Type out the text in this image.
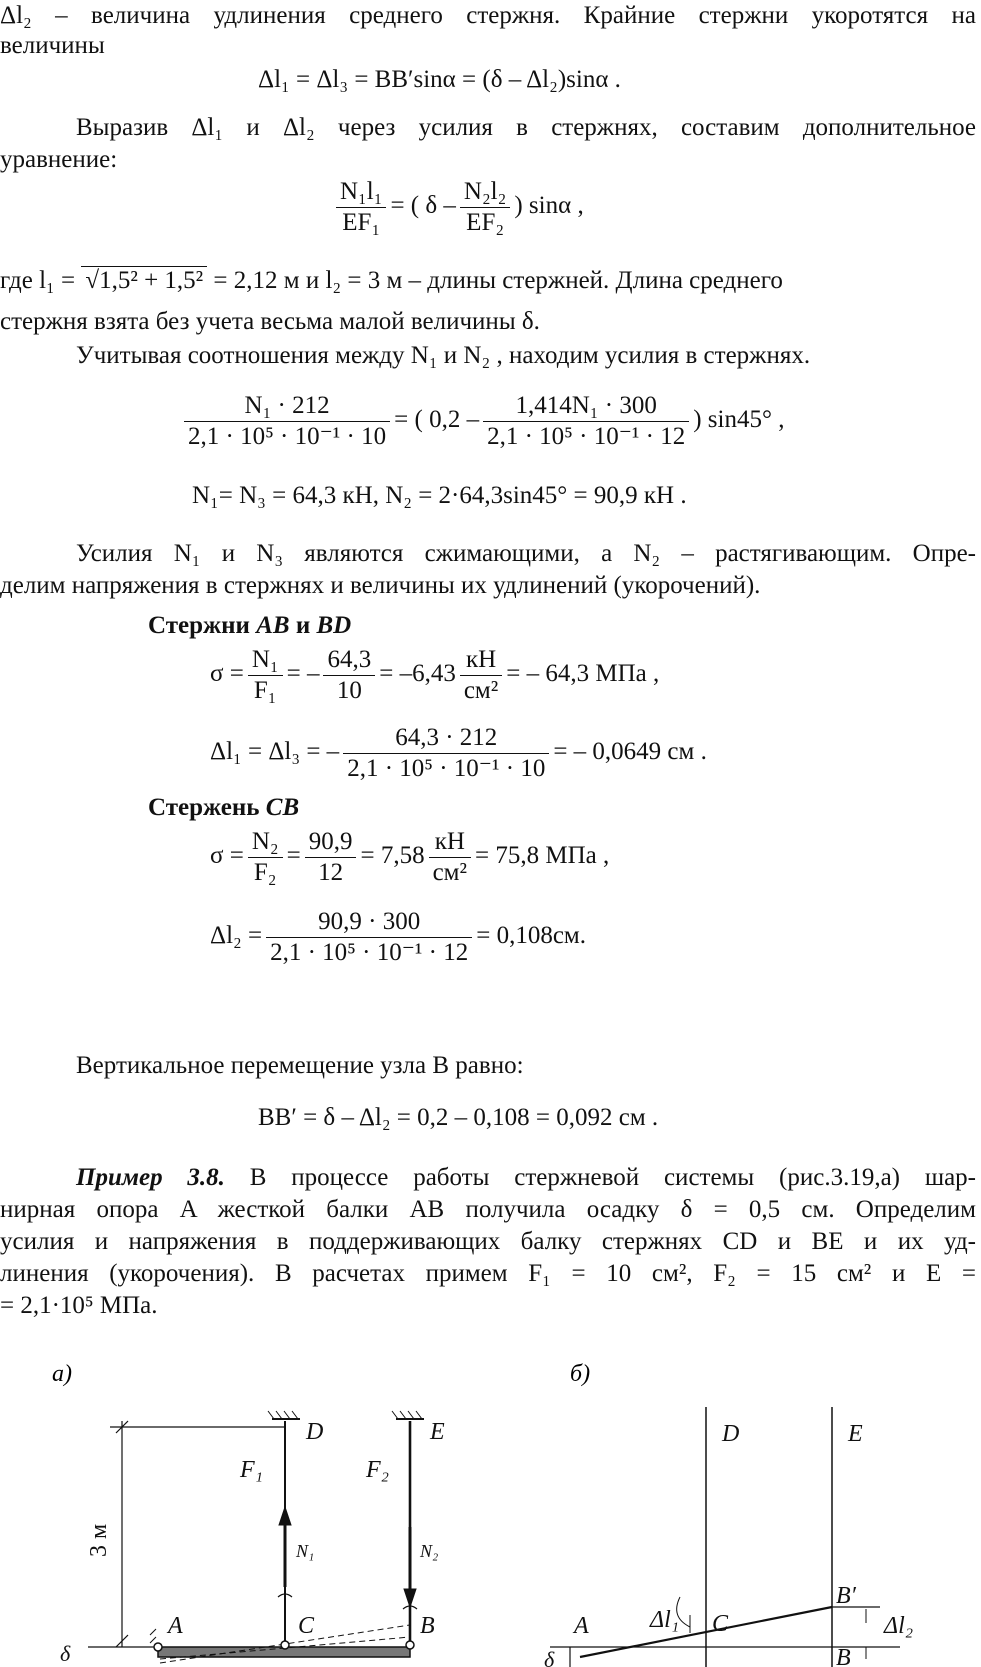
Δl₂ – величина удлинения среднего стержня. Крайние стержни укоротятся на
величины
Δl₁ = Δl₃ = BB′sinα = (δ – Δl₂)sinα .
Выразив Δl₁ и Δl₂ через усилия в стержнях, составим дополнительное
уравнение:
$\frac{\text{N₁l₁}}{\text{EF₁}}$ = ( δ – $\frac{\text{N₂l₂}}{\text{EF₂}}$ ) sinα ,
где l₁ = √1,5² + 1,5² = 2,12 м и l₂ = 3 м – длины стержней. Длина среднего
стержня взята без учета весьма малой величины δ.
Учитывая соотношения между N₁ и N₂ , находим усилия в стержнях.
$\frac{\text{N₁ · 212}}{\text{2,1 · 10⁵ · 10⁻¹ · 10}}$ = ( $0,2 - \frac{\text{1,414N₁ · 300}}{\text{2,1 · 10⁵ · 10⁻¹ · 12}}$ ) sin45° ,
N₁= N₃ = 64,3 кН, N₂ = 2·64,3sin45° = 90,9 кН .
Усилия N₁ и N₃ являются сжимающими, а N₂ – растягивающим. Опре-
делим напряжения в стержнях и величины их удлинений (укорочений).
Стержни AB и BD
$\sigma = \frac{\text{N₁}}{\text{F₁}}$ = – $\frac{64,3}{10} = -6,43 \frac{кН}{\text{см²}}$ = – 64,3 МПа ,
Δl₁ = Δl₃ = – $\frac{64,3 \cdot 212}{\text{2,1 · 10⁵ · 10⁻¹ · 10}}$ = – 0,0649 см .
Стержень CB
$\sigma = \frac{\text{N₂}}{\text{F₂}} = \frac{90,9}{12} = 7,58 \frac{кН}{\text{см²}} = 75,8$ МПа ,
$\Delta l_2 = \frac{90,9 \cdot 300}{\text{2,1 · 10⁵ · 10⁻¹ · 12}} = 0,108см$.
Вертикальное перемещение узла B равно:
BB′ = δ – Δl₂ = 0,2 – 0,108 = 0,092 см .
Пример 3.8. В процессе работы стержневой системы (рис.3.19,а) шар-
нирная опора A жесткой балки AB получила осадку δ = 0,5 см. Определим
усилия и напряжения в поддерживающих балку стержнях CD и BE и их уд-
линения (укорочения). В расчетах примем F₁ = 10 см², F₂ = 15 см² и E =
= 2,1·10⁵ МПа.
а)	б)
D	E
F₁	F₂
N₁	N₂
A	C	B
δ
3 м
D	E
A	C
B′
B
Δl₁	Δl₂
δ
